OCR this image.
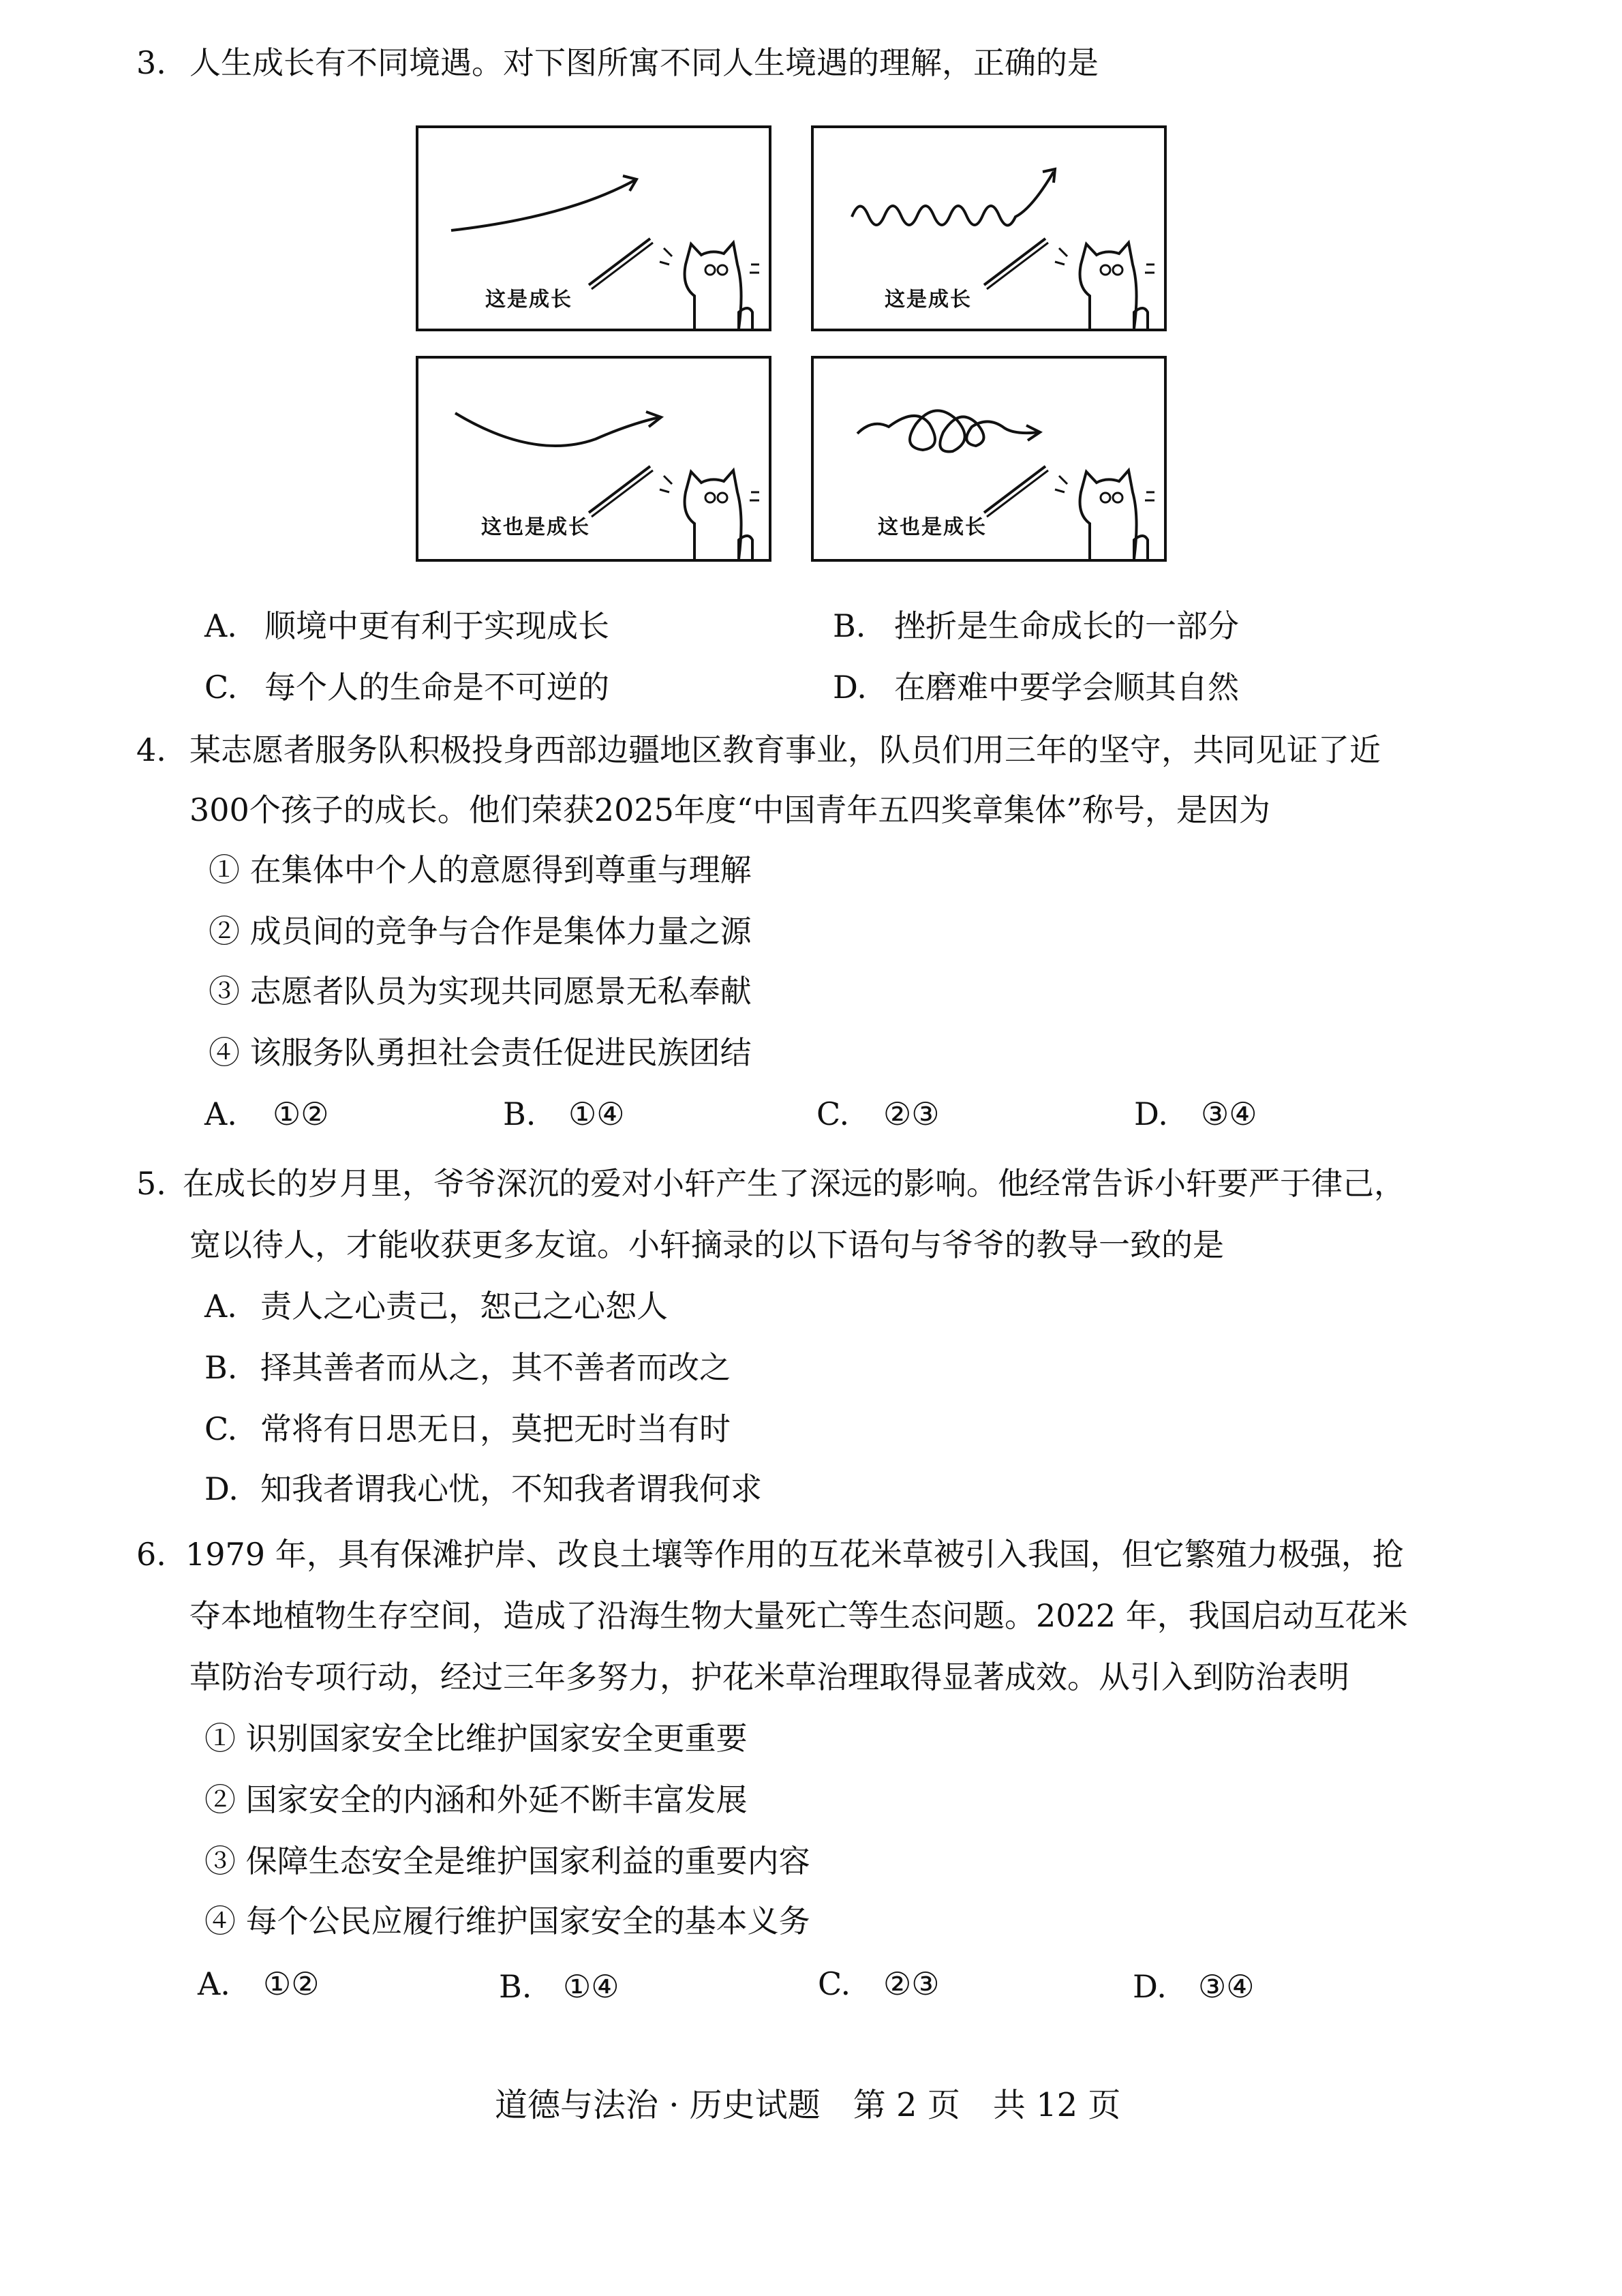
3. 人生成长有不同境遇。对下图所寓不同人生境遇的理解，正确的是
这是成长	这是成长
这也是成长	这也是成长
A. 顺境中更有利于实现成长	B. 挫折是生命成长的一部分
C. 每个人的生命是不可逆的	D. 在磨难中要学会顺其自然
4. 某志愿者服务队积极投身西部边疆地区教育事业，队员们用三年的坚守，共同见证了近
300个孩子的成长。他们荣获2025年度“中国青年五四奖章集体”称号，是因为
① 在集体中个人的意愿得到尊重与理解
② 成员间的竞争与合作是集体力量之源
③ 志愿者队员为实现共同愿景无私奉献
④ 该服务队勇担社会责任促进民族团结
A. ①②	B. ①④	C. ②③	D. ③④
5. 在成长的岁月里，爷爷深沉的爱对小轩产生了深远的影响。他经常告诉小轩要严于律己，
宽以待人，才能收获更多友谊。小轩摘录的以下语句与爷爷的教导一致的是
A. 责人之心责己，恕己之心恕人
B. 择其善者而从之，其不善者而改之
C. 常将有日思无日，莫把无时当有时
D. 知我者谓我心忧，不知我者谓我何求
6. 1979 年，具有保滩护岸、改良土壤等作用的互花米草被引入我国，但它繁殖力极强，抢
夺本地植物生存空间，造成了沿海生物大量死亡等生态问题。2022 年，我国启动互花米
草防治专项行动，经过三年多努力，护花米草治理取得显著成效。从引入到防治表明
① 识别国家安全比维护国家安全更重要
② 国家安全的内涵和外延不断丰富发展
③ 保障生态安全是维护国家利益的重要内容
④ 每个公民应履行维护国家安全的基本义务
A. ①②	B. ①④	C. ②③	D. ③④
道德与法治 · 历史试题　第 2 页　共 12 页
